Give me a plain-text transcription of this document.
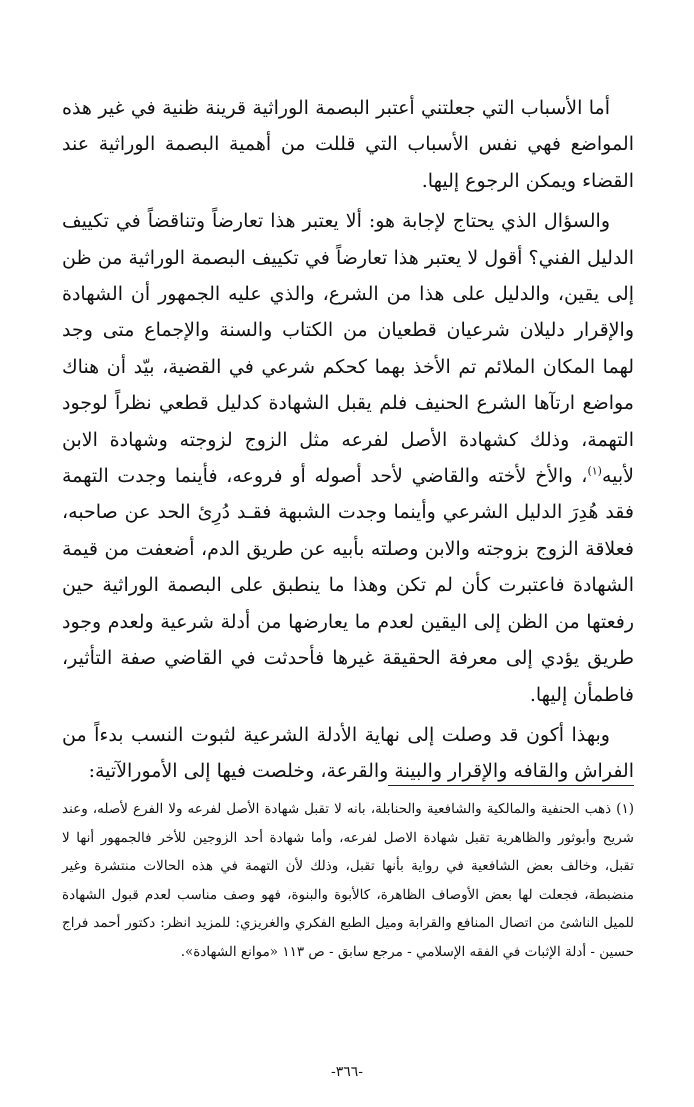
أما الأسباب التي جعلتني أعتبر البصمة الوراثية قرينة ظنية في غير هذه المواضع فهي نفس الأسباب التي قللت من أهمية البصمة الوراثية عند القضاء ويمكن الرجوع إليها.

والسؤال الذي يحتاج لإجابة هو: ألا يعتبر هذا تعارضاً وتناقضاً في تكييف الدليل الفني؟ أقول لا يعتبر هذا تعارضاً في تكييف البصمة الوراثية من ظن إلى يقين، والدليل على هذا من الشرع، والذي عليه الجمهور أن الشهادة والإقرار دليلان شرعيان قطعيان من الكتاب والسنة والإجماع متى وجد لهما المكان الملائم تم الأخذ بهما كحكم شرعي في القضية، بيّد أن هناك مواضع ارتآها الشرع الحنيف فلم يقبل الشهادة كدليل قطعي نظراً لوجود التهمة، وذلك كشهادة الأصل لفرعه مثل الزوج لزوجته وشهادة الابن لأبيه$^{(١)}$، والأخ لأخته والقاضي لأحد أصوله أو فروعه، فأينما وجدت التهمة فقد هُدِرَ الدليل الشرعي وأينما وجدت الشبهة فقـد دُرِئ الحد عن صاحبه، فعلاقة الزوج بزوجته والابن وصلته بأبيه عن طريق الدم، أضعفت من قيمة الشهادة فاعتبرت كأن لم تكن وهذا ما ينطبق على البصمة الوراثية حين رفعتها من الظن إلى اليقين لعدم ما يعارضها من أدلة شرعية ولعدم وجود طريق يؤدي إلى معرفة الحقيقة غيرها فأحدثت في القاضي صفة التأثير، فاطمأن إليها.

وبهذا أكون قد وصلت إلى نهاية الأدلة الشرعية لثبوت النسب بدءاً من الفراش والقافه والإقرار والبينة والقرعة، وخلصت فيها إلى الأمورالآتية:

(١) ذهب الحنفية والمالكية والشافعية والحنابلة، بانه لا تقبل شهادة الأصل لفرعه ولا الفرع لأصله، وعند شريح وأبوثور والظاهرية تقبل شهادة الاصل لفرعه، وأما شهادة أحد الزوجين للأخر فالجمهور أنها لا تقبل، وخالف بعض الشافعية في رواية بأنها تقبل، وذلك لأن التهمة في هذه الحالات منتشرة وغير منضبطة، فجعلت لها بعض الأوصاف الظاهرة، كالأبوة والبنوة، فهو وصف مناسب لعدم قبول الشهادة للميل الناشئ من اتصال المنافع والقرابة وميل الطبع الفكري والغريزي: للمزيد انظر: دكتور أحمد فراج حسين - أدلة الإثبات في الفقه الإسلامي - مرجع سابق - ص ١١٣ «موانع الشهادة».

-٣٦٦-
